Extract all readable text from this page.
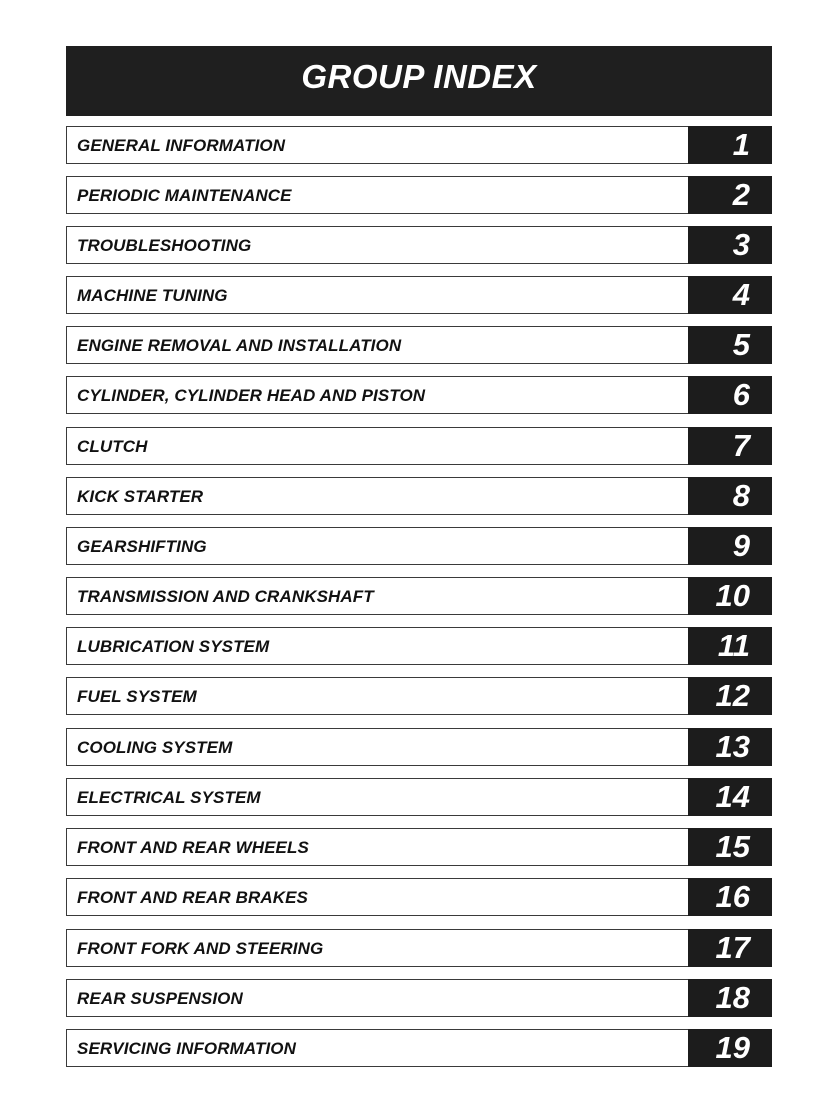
GROUP INDEX
GENERAL INFORMATION	1
PERIODIC MAINTENANCE	2
TROUBLESHOOTING	3
MACHINE TUNING	4
ENGINE REMOVAL AND INSTALLATION	5
CYLINDER, CYLINDER HEAD AND PISTON	6
CLUTCH	7
KICK STARTER	8
GEARSHIFTING	9
TRANSMISSION AND CRANKSHAFT	10
LUBRICATION SYSTEM	11
FUEL SYSTEM	12
COOLING SYSTEM	13
ELECTRICAL SYSTEM	14
FRONT AND REAR WHEELS	15
FRONT AND REAR BRAKES	16
FRONT FORK AND STEERING	17
REAR SUSPENSION	18
SERVICING INFORMATION	19
